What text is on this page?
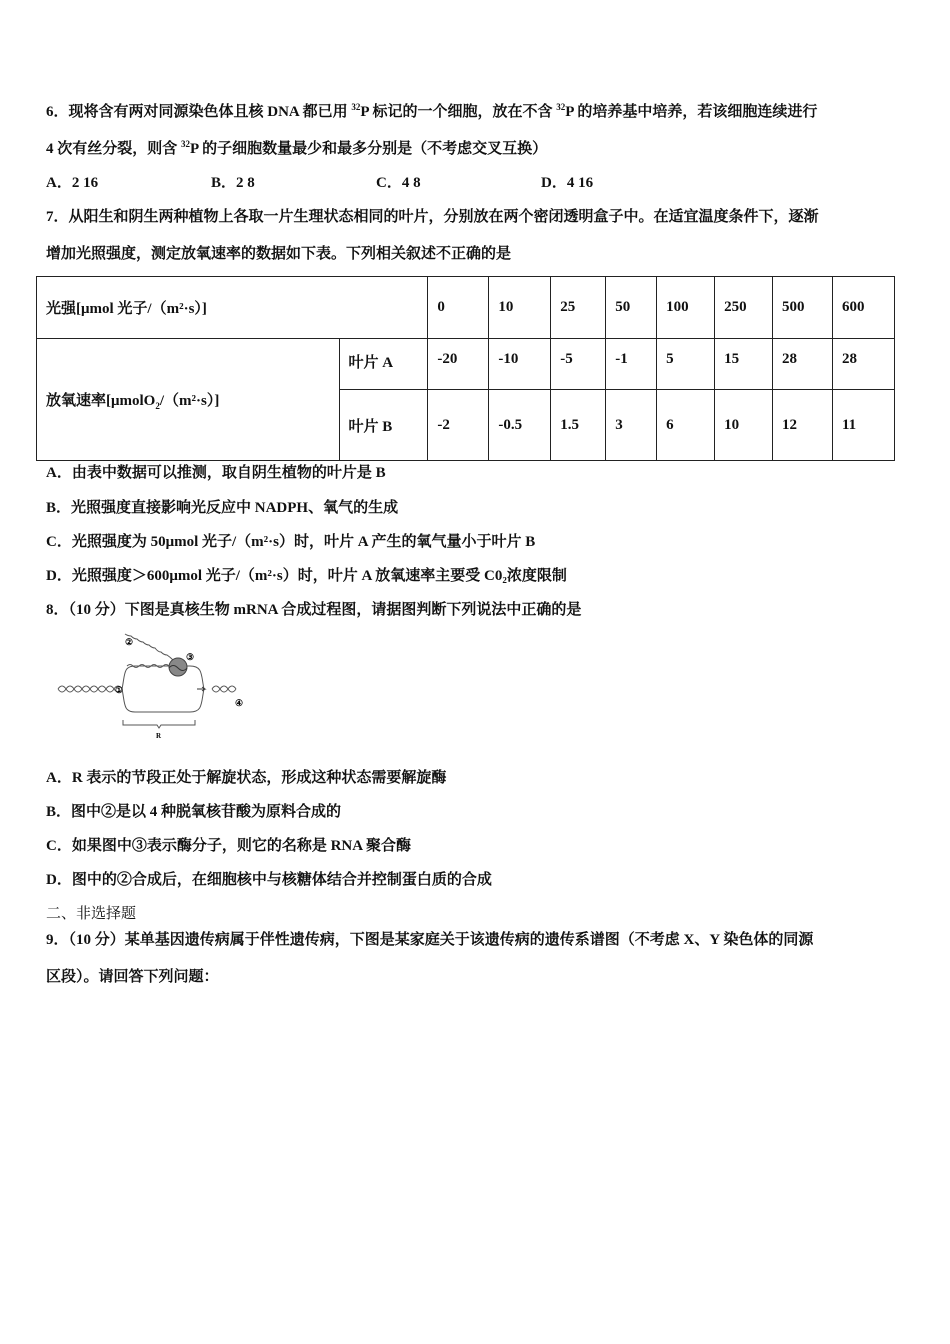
6．现将含有两对同源染色体且核 DNA 都已用 $^{32}$P 标记的一个细胞，放在不含 $^{32}$P 的培养基中培养，若该细胞连续进行
4 次有丝分裂，则含 $^{32}$P 的子细胞数量最少和最多分别是（不考虑交叉互换）
A．2 16	B．2 8	C．4 8	D．4 16
7．从阳生和阴生两种植物上各取一片生理状态相同的叶片，分别放在两个密闭透明盒子中。在适宜温度条件下，逐渐
增加光照强度，测定放氧速率的数据如下表。下列相关叙述不正确的是
光强[μmol 光子/（m²·s）]		0	10	25	50	100	250	500	600
放氧速率[μmolO$_2$/（m²·s）]	叶片 A	-20	-10	-5	-1	5	15	28	28
	叶片 B	-2	-0.5	1.5	3	6	10	12	11
A．由表中数据可以推测，取自阴生植物的叶片是 B
B．光照强度直接影响光反应中 NADPH、氧气的生成
C．光照强度为 50μmol 光子/（m²·s）时，叶片 A 产生的氧气量小于叶片 B
D．光照强度＞600μmol 光子/（m²·s）时，叶片 A 放氧速率主要受 C0₂浓度限制
8．（10 分）下图是真核生物 mRNA 合成过程图，请据图判断下列说法中正确的是
①
②
③
④
R
A．R 表示的节段正处于解旋状态，形成这种状态需要解旋酶
B．图中②是以 4 种脱氧核苷酸为原料合成的
C．如果图中③表示酶分子，则它的名称是 RNA 聚合酶
D．图中的②合成后，在细胞核中与核糖体结合并控制蛋白质的合成
二、非选择题
9．（10 分）某单基因遗传病属于伴性遗传病，下图是某家庭关于该遗传病的遗传系谱图（不考虑 X、Y 染色体的同源
区段）。请回答下列问题：
